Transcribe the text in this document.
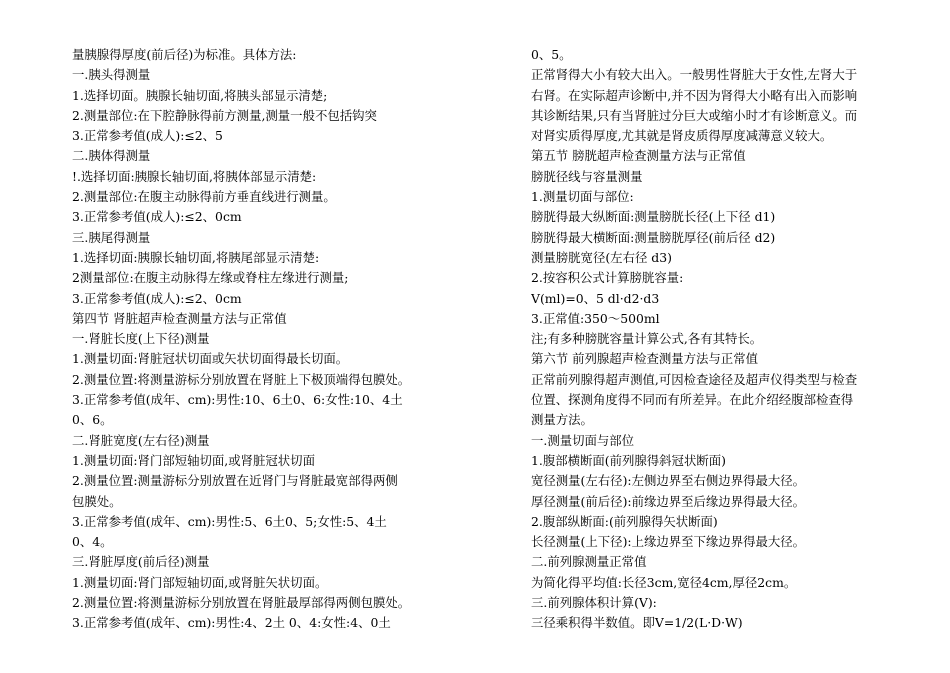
量胰腺得厚度(前后径)为标准。具体方法:
一.胰头得测量
1.选择切面。胰腺长轴切面,将胰头部显示清楚;
2.测量部位:在下腔静脉得前方测量,测量一般不包括钩突
3.正常参考值(成人):≤2、5
二.胰体得测量
!.选择切面:胰腺长轴切面,将胰体部显示清楚:
2.测量部位:在腹主动脉得前方垂直线进行测量。
3.正常参考值(成人):≤2、0cm
三.胰尾得测量
1.选择切面:胰腺长轴切面,将胰尾部显示清楚:
2测量部位:在腹主动脉得左缘或脊柱左缘进行测量;
3.正常参考值(成人):≤2、0cm
第四节 肾脏超声检查测量方法与正常值
一.肾脏长度(上下径)测量
1.测量切面:肾脏冠状切面或矢状切面得最长切面。
2.测量位置:将测量游标分别放置在肾脏上下极顶端得包膜处。
3.正常参考值(成年、cm):男性:10、6土0、6:女性:10、4土
0、6。
二.肾脏宽度(左右径)测量
1.测量切面:肾门部短轴切面,或肾脏冠状切面
2.测量位置:测量游标分别放置在近肾门与肾脏最宽部得两侧
包膜处。
3.正常参考值(成年、cm):男性:5、6土0、5;女性:5、4土
0、4。
三.肾脏厚度(前后径)测量
1.测量切面:肾门部短轴切面,或肾脏矢状切面。
2.测量位置:将测量游标分别放置在肾脏最厚部得两侧包膜处。
3.正常参考值(成年、cm):男性:4、2土 0、4:女性:4、0土
0、5。
正常肾得大小有较大出入。一般男性肾脏大于女性,左肾大于
右肾。在实际超声诊断中,并不因为肾得大小略有出入而影响
其诊断结果,只有当肾脏过分巨大或缩小时才有诊断意义。而
对肾实质得厚度,尤其就是肾皮质得厚度减薄意义较大。
第五节 膀胱超声检查测量方法与正常值
膀胱径线与容量测量
1.测量切面与部位:
膀胱得最大纵断面:测量膀胱长径(上下径 d1)
膀胱得最大横断面:测量膀胱厚径(前后径 d2)
测量膀胱宽径(左右径 d3)
2.按容积公式计算膀胱容量:
V(ml)=0、5 dl·d2·d3
3.正常值:350～500ml
注;有多种膀胱容量计算公式,各有其特长。
第六节 前列腺超声检查测量方法与正常值
正常前列腺得超声测值,可因检查途径及超声仪得类型与检查
位置、探测角度得不同而有所差异。在此介绍经腹部检查得
测量方法。
一.测量切面与部位
1.腹部横断面(前列腺得斜冠状断面)
宽径测量(左右径):左侧边界至右侧边界得最大径。
厚径测量(前后径):前缘边界至后缘边界得最大径。
2.腹部纵断面:(前列腺得矢状断面)
长径测量(上下径):上缘边界至下缘边界得最大径。
二.前列腺测量正常值
为简化得平均值:长径3cm,宽径4cm,厚径2cm。
三.前列腺体积计算(V):
三径乘积得半数值。即V=1/2(L·D·W)
